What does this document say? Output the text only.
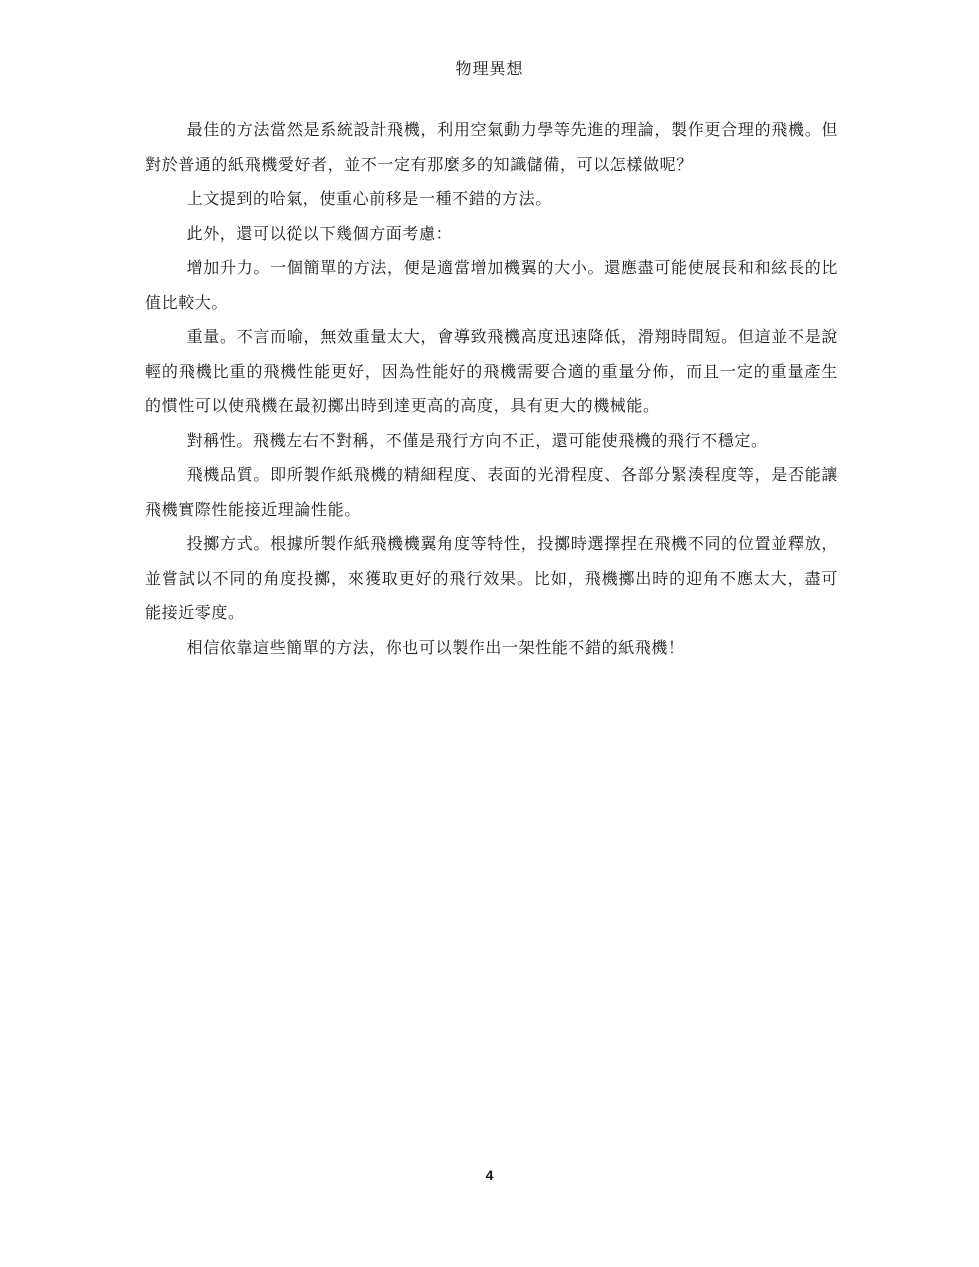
物理異想

最佳的方法當然是系統設計飛機，利用空氣動力學等先進的理論，製作更合理的飛機。但對於普通的紙飛機愛好者，並不一定有那麼多的知識儲備，可以怎樣做呢？

上文提到的哈氣，使重心前移是一種不錯的方法。

此外，還可以從以下幾個方面考慮：

增加升力。一個簡單的方法，便是適當增加機翼的大小。還應盡可能使展長和和絃長的比值比較大。

重量。不言而喻，無效重量太大，會導致飛機高度迅速降低，滑翔時間短。但這並不是說輕的飛機比重的飛機性能更好，因為性能好的飛機需要合適的重量分佈，而且一定的重量產生的慣性可以使飛機在最初擲出時到達更高的高度，具有更大的機械能。

對稱性。飛機左右不對稱，不僅是飛行方向不正，還可能使飛機的飛行不穩定。

飛機品質。即所製作紙飛機的精細程度、表面的光滑程度、各部分緊湊程度等，是否能讓飛機實際性能接近理論性能。

投擲方式。根據所製作紙飛機機翼角度等特性，投擲時選擇捏在飛機不同的位置並釋放，並嘗試以不同的角度投擲，來獲取更好的飛行效果。比如，飛機擲出時的迎角不應太大，盡可能接近零度。

相信依靠這些簡單的方法，你也可以製作出一架性能不錯的紙飛機！

4
